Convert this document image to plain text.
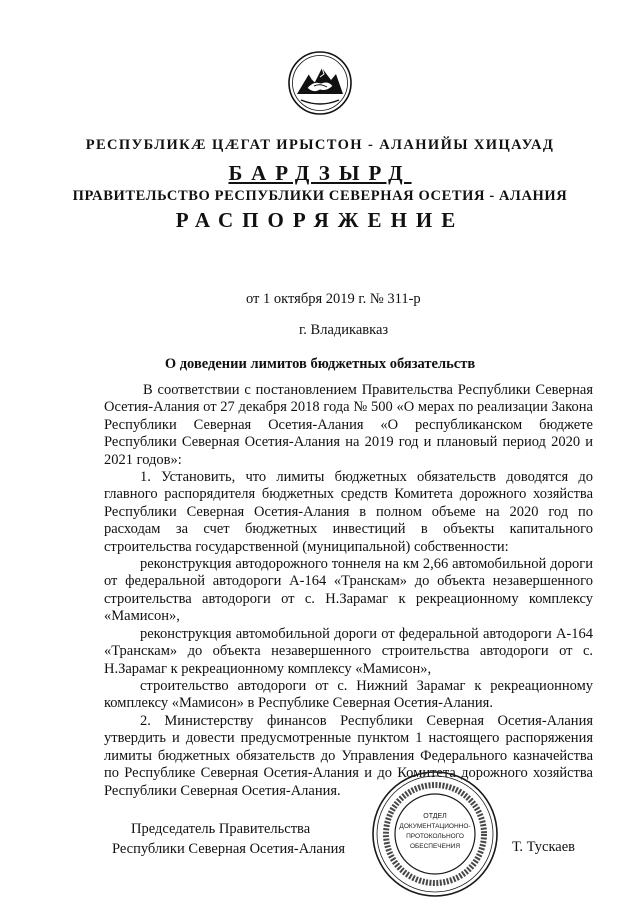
РЕСПУБЛИКÆ ЦÆГАТ ИРЫСТОН - АЛАНИЙЫ ХИЦАУАД
БАРДЗЫРД
ПРАВИТЕЛЬСТВО РЕСПУБЛИКИ СЕВЕРНАЯ ОСЕТИЯ - АЛАНИЯ
РАСПОРЯЖЕНИЕ
от 1 октября 2019 г. № 311-р
г. Владикавказ
О доведении лимитов бюджетных обязательств

В соответствии с постановлением Правительства Республики Северная Осетия-Алания от 27 декабря 2018 года № 500 «О мерах по реализации Закона Республики Северная Осетия-Алания «О республиканском бюджете Республики Северная Осетия-Алания на 2019 год и плановый период 2020 и 2021 годов»:

1. Установить, что лимиты бюджетных обязательств доводятся до главного распорядителя бюджетных средств Комитета дорожного хозяйства Республики Северная Осетия-Алания в полном объеме на 2020 год по расходам за счет бюджетных инвестиций в объекты капитального строительства государственной (муниципальной) собственности:

реконструкция автодорожного тоннеля на км 2,66 автомобильной дороги от федеральной автодороги А-164 «Транскам» до объекта незавершенного строительства автодороги от с. Н.Зарамаг к рекреационному комплексу «Мамисон»,

реконструкция автомобильной дороги от федеральной автодороги А-164 «Транскам» до объекта незавершенного строительства автодороги от с. Н.Зарамаг к рекреационному комплексу «Мамисон»,

строительство автодороги от с. Нижний Зарамаг к рекреационному комплексу «Мамисон» в Республике Северная Осетия-Алания.

2. Министерству финансов Республики Северная Осетия-Алания утвердить и довести предусмотренные пунктом 1 настоящего распоряжения лимиты бюджетных обязательств до Управления Федерального казначейства по Республике Северная Осетия-Алания и до Комитета дорожного хозяйства Республики Северная Осетия-Алания.

ОТДЕЛ
ДОКУМЕНТАЦИОННО-
ПРОТОКОЛЬНОГО
ОБЕСПЕЧЕНИЯ
Председатель Правительства
Республики Северная Осетия-Алания	Т. Тускаев
